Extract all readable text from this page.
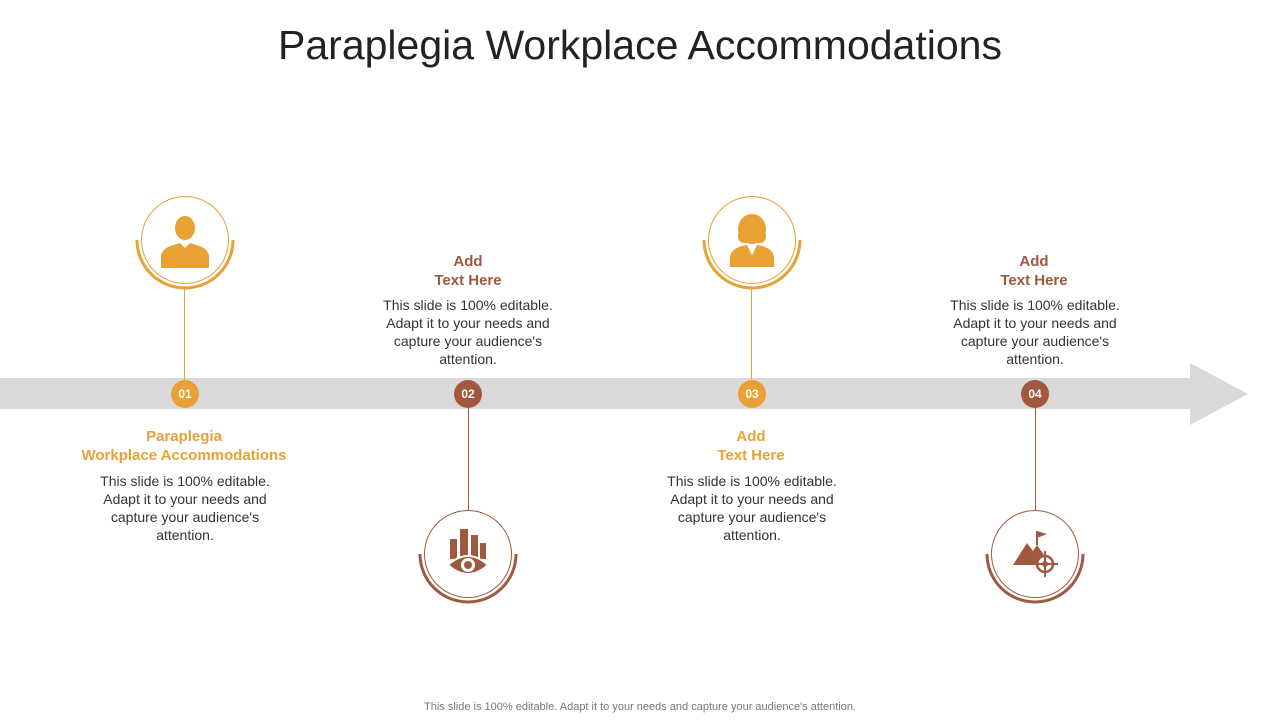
Paraplegia Workplace Accommodations
01
Paraplegia
Workplace Accommodations
This slide is 100% editable. Adapt it to your needs and capture your audience's attention.
Add
Text Here
This slide is 100% editable. Adapt it to your needs and capture your audience's attention.
02	03
Add
Text Here
This slide is 100% editable. Adapt it to your needs and capture your audience's attention.
Add
Text Here
This slide is 100% editable. Adapt it to your needs and capture your audience's attention.
04
This slide is 100% editable. Adapt it to your needs and capture your audience's attention.
